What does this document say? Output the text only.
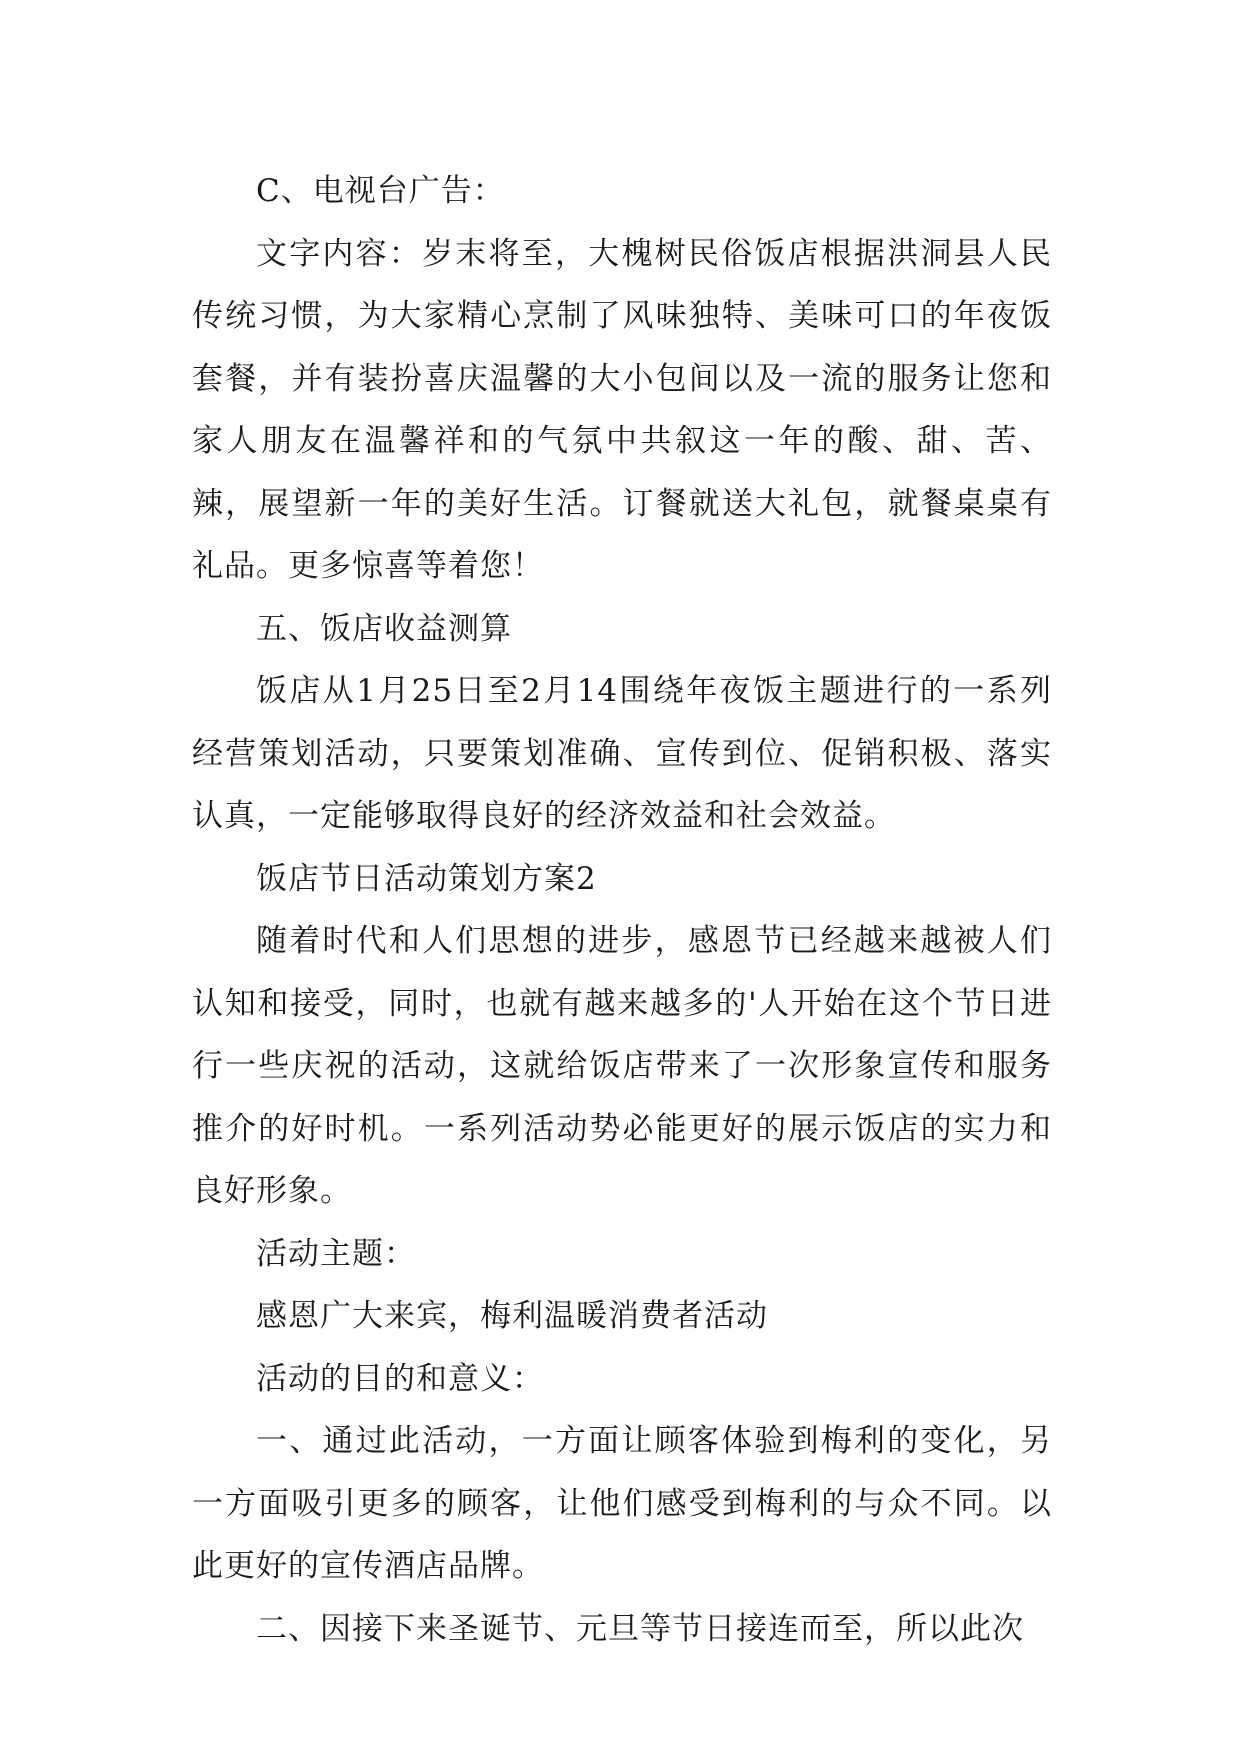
C、电视台广告：

文字内容：岁末将至，大槐树民俗饭店根据洪洞县人民传统习惯，为大家精心烹制了风味独特、美味可口的年夜饭套餐，并有装扮喜庆温馨的大小包间以及一流的服务让您和家人朋友在温馨祥和的气氛中共叙这一年的酸、甜、苦、辣，展望新一年的美好生活。订餐就送大礼包，就餐桌桌有礼品。更多惊喜等着您！

五、饭店收益测算

饭店从1月25日至2月14围绕年夜饭主题进行的一系列经营策划活动，只要策划准确、宣传到位、促销积极、落实认真，一定能够取得良好的经济效益和社会效益。

饭店节日活动策划方案2

随着时代和人们思想的进步，感恩节已经越来越被人们认知和接受，同时，也就有越来越多的'人开始在这个节日进行一些庆祝的活动，这就给饭店带来了一次形象宣传和服务推介的好时机。一系列活动势必能更好的展示饭店的实力和良好形象。

活动主题：

感恩广大来宾，梅利温暖消费者活动

活动的目的和意义：

一、通过此活动，一方面让顾客体验到梅利的变化，另一方面吸引更多的顾客，让他们感受到梅利的与众不同。以此更好的宣传酒店品牌。

二、因接下来圣诞节、元旦等节日接连而至，所以此次
